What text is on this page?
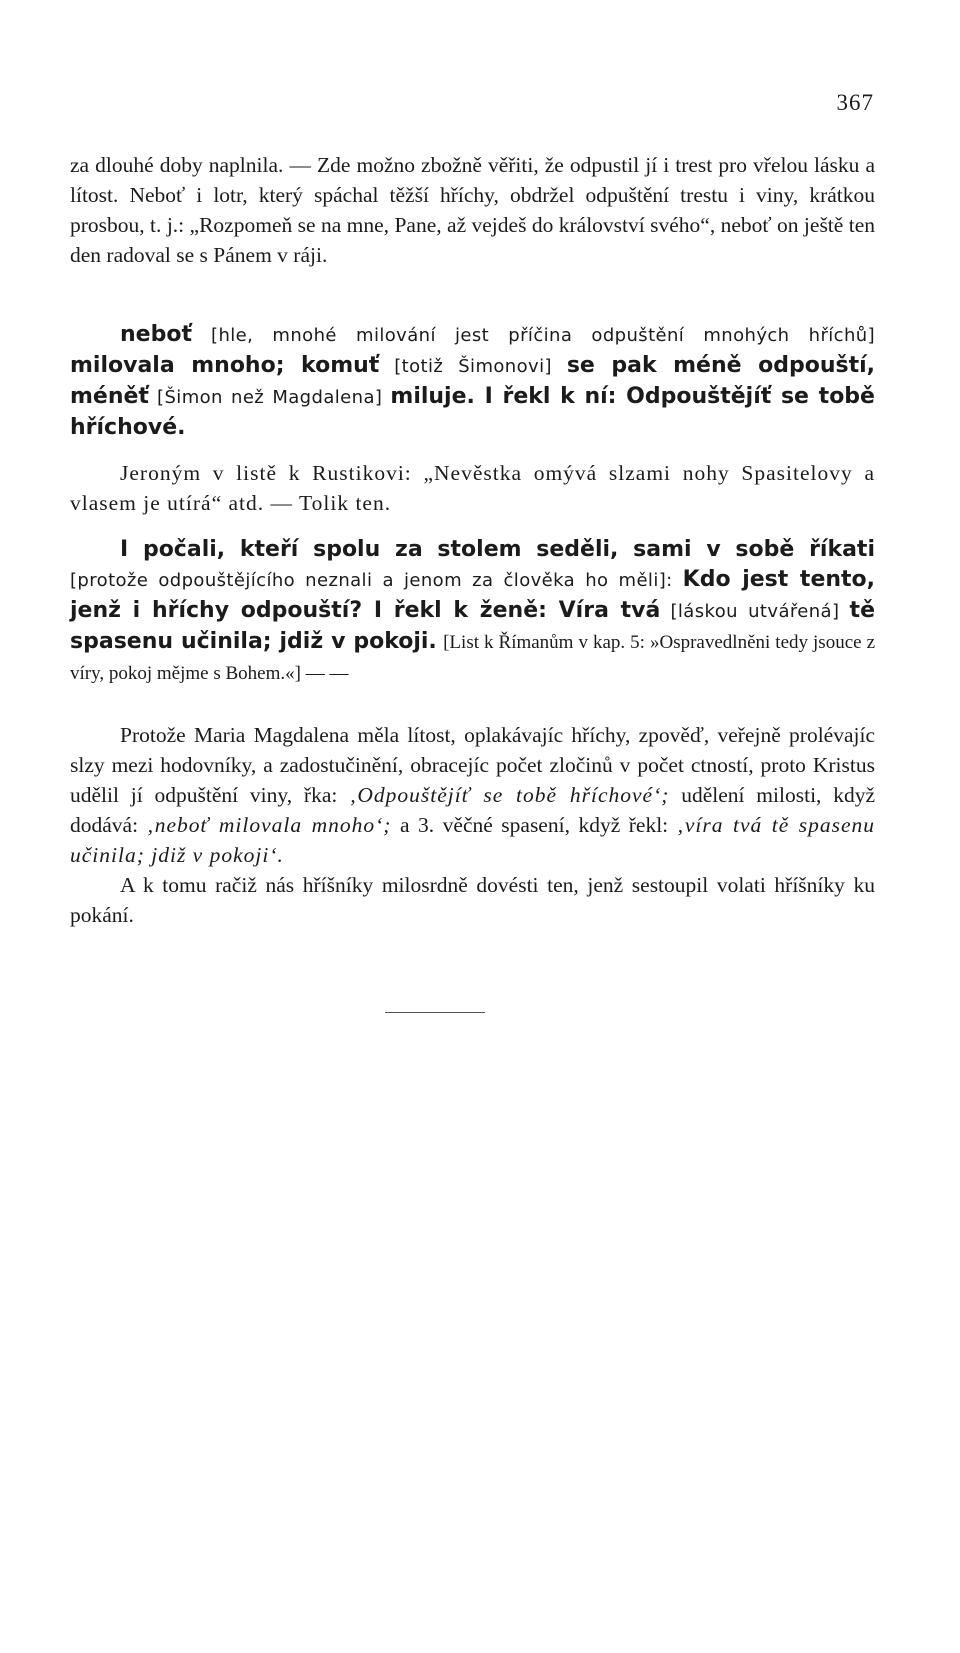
367

za dlouhé doby naplnila. — Zde možno zbožně věřiti, že odpustil jí i trest pro vřelou lásku a lítost. Neboť i lotr, který spáchal těžší hříchy, obdržel odpuštění trestu i viny, krátkou prosbou, t. j.: „Rozpomeň se na mne, Pane, až vejdeš do království svého“, neboť on ještě ten den radoval se s Pánem v ráji.

neboť [hle, mnohé milování jest příčina odpuštění mnohých hříchů] milovala mnoho; komuť [totiž Šimonovi] se pak méně odpouští, méněť [Šimon než Magdalena] miluje. I řekl k ní: Odpouštějíť se tobě hříchové.

Jeroným v listě k Rustikovi: „Nevěstka omývá slzami nohy Spasitelovy a vlasem je utírá“ atd. — Tolik ten.

I počali, kteří spolu za stolem seděli, sami v sobě říkati [protože odpouštějícího neznali a jenom za člověka ho měli]: Kdo jest tento, jenž i hříchy odpouští? I řekl k ženě: Víra tvá [láskou utvářená] tě spasenu učinila; jdiž v pokoji. [List k Římanům v kap. 5: »Ospravedlněni tedy jsouce z víry, pokoj mějme s Bohem.«] — —

Protože Maria Magdalena měla lítost, oplakávajíc hříchy, zpověď, veřejně prolévajíc slzy mezi hodovníky, a zadostučinění, obracejíc počet zločinů v počet ctností, proto Kristus udělil jí odpuštění viny, řka: ‚Odpouštějíť se tobě hříchové‘; udělení milosti, když dodává: ‚neboť milovala mnoho‘; a 3. věčné spasení, když řekl: ‚víra tvá tě spasenu učinila; jdiž v pokoji‘.

A k tomu račiž nás hříšníky milosrdně dovésti ten, jenž sestoupil volati hříšníky ku pokání.
